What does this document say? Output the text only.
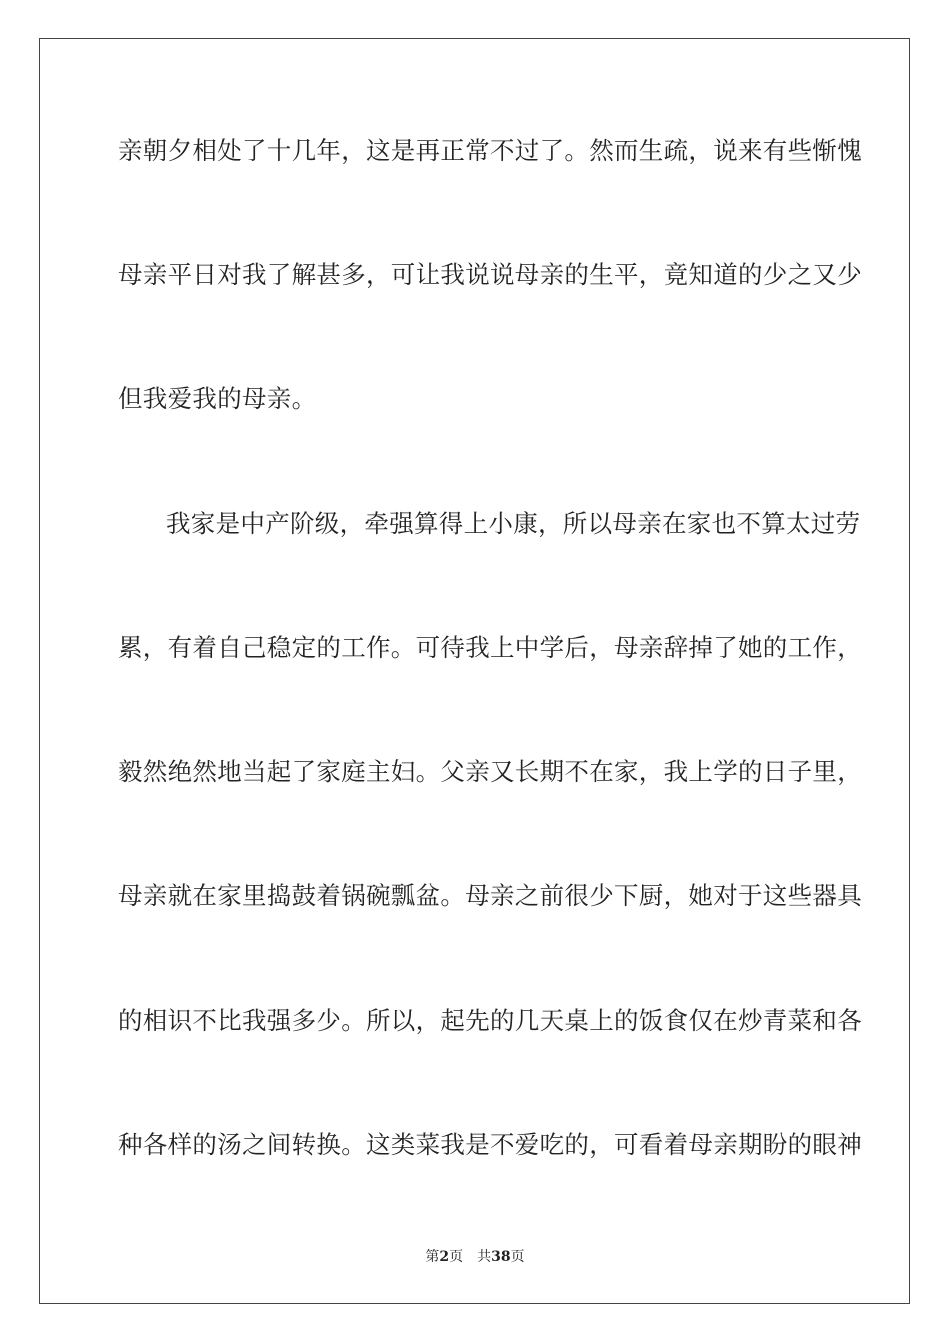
亲朝夕相处了十几年，这是再正常不过了。然而生疏，说来有些惭愧
母亲平日对我了解甚多，可让我说说母亲的生平，竟知道的少之又少
但我爱我的母亲。
我家是中产阶级，牵强算得上小康，所以母亲在家也不算太过劳
累，有着自己稳定的工作。可待我上中学后，母亲辞掉了她的工作，
毅然绝然地当起了家庭主妇。父亲又长期不在家，我上学的日子里，
母亲就在家里捣鼓着锅碗瓢盆。母亲之前很少下厨，她对于这些器具
的相识不比我强多少。所以，起先的几天桌上的饭食仅在炒青菜和各
种各样的汤之间转换。这类菜我是不爱吃的，可看着母亲期盼的眼神
第2页 共38页
